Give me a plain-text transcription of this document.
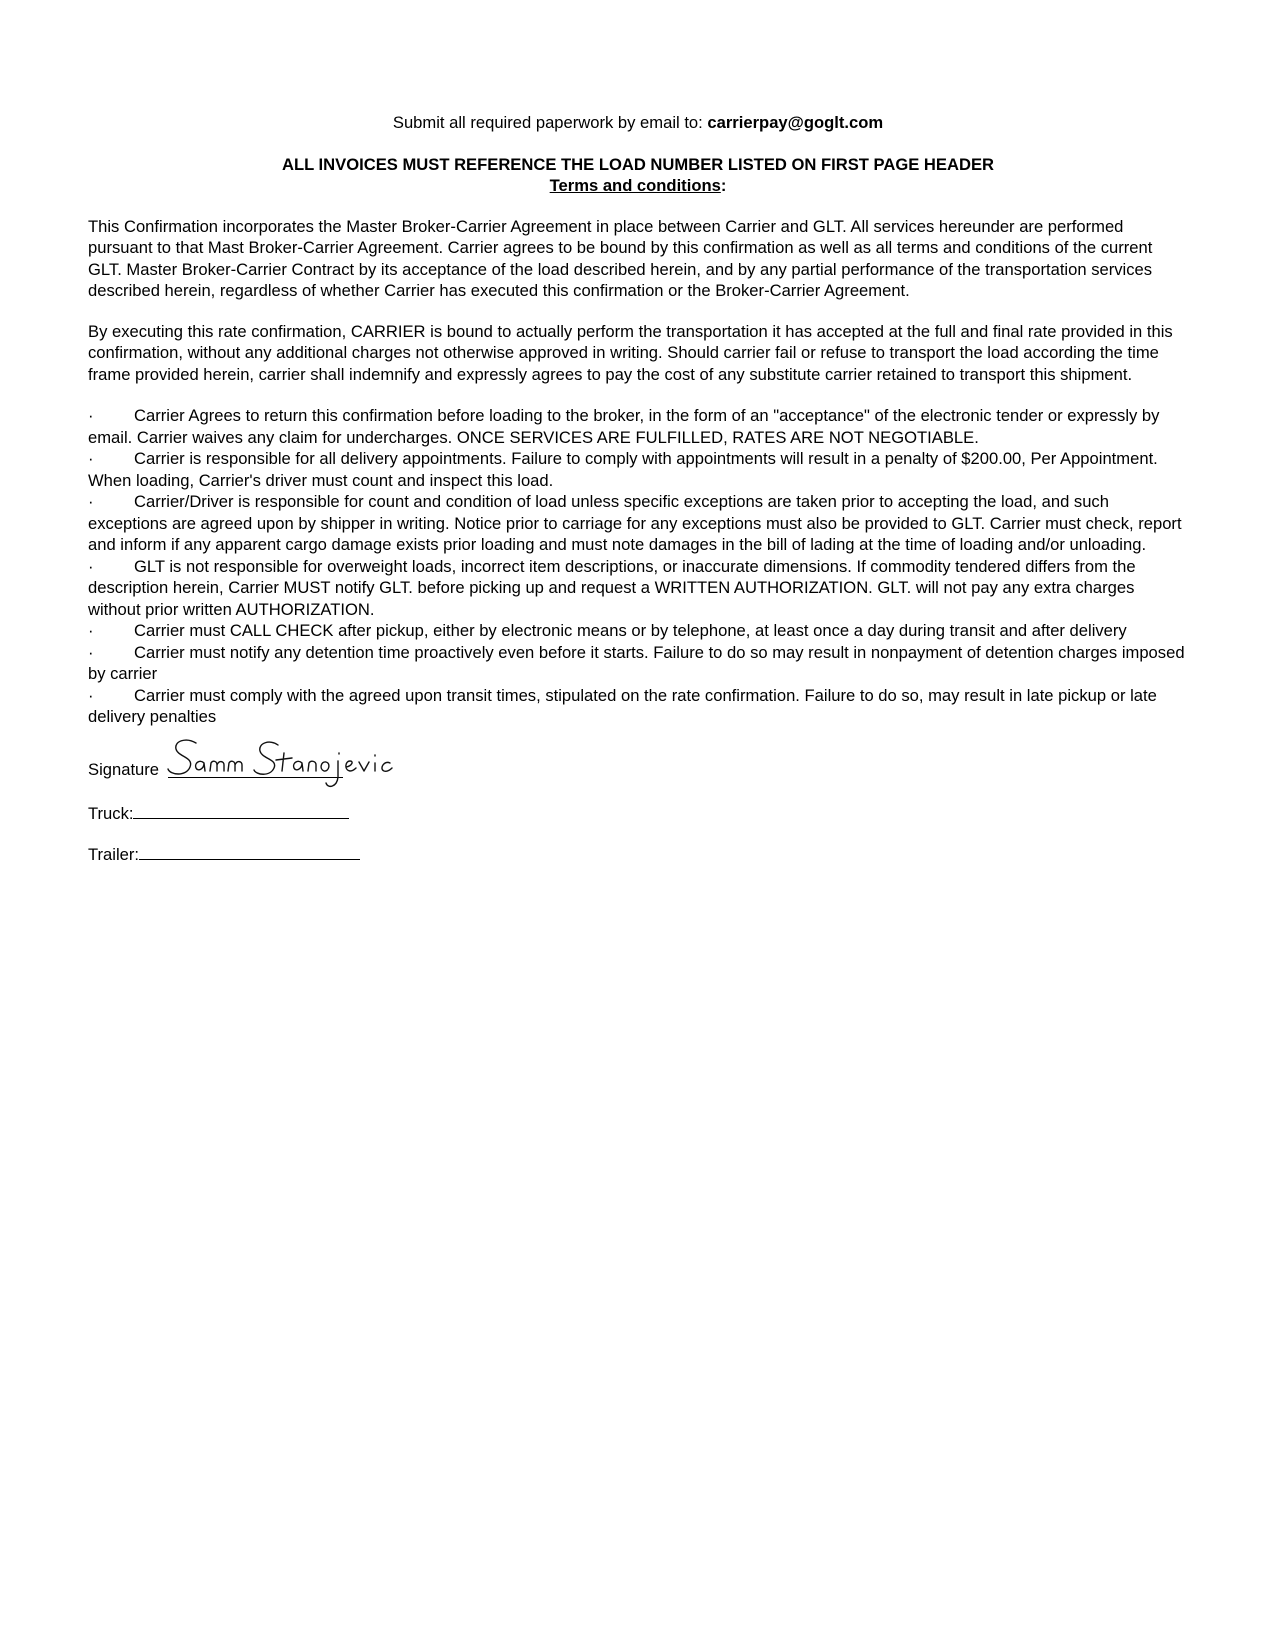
Submit all required paperwork by email to: carrierpay@goglt.com

ALL INVOICES MUST REFERENCE THE LOAD NUMBER LISTED ON FIRST PAGE HEADER

Terms and conditions:

This Confirmation incorporates the Master Broker-Carrier Agreement in place between Carrier and GLT. All services hereunder are performed pursuant to that Mast Broker-Carrier Agreement. Carrier agrees to be bound by this confirmation as well as all terms and conditions of the current GLT. Master Broker-Carrier Contract by its acceptance of the load described herein, and by any partial performance of the transportation services described herein, regardless of whether Carrier has executed this confirmation or the Broker-Carrier Agreement.

By executing this rate confirmation, CARRIER is bound to actually perform the transportation it has accepted at the full and final rate provided in this confirmation, without any additional charges not otherwise approved in writing. Should carrier fail or refuse to transport the load according the time frame provided herein, carrier shall indemnify and expressly agrees to pay the cost of any substitute carrier retained to transport this shipment.

· Carrier Agrees to return this confirmation before loading to the broker, in the form of an "acceptance" of the electronic tender or expressly by email. Carrier waives any claim for undercharges. ONCE SERVICES ARE FULFILLED, RATES ARE NOT NEGOTIABLE.
· Carrier is responsible for all delivery appointments. Failure to comply with appointments will result in a penalty of $200.00, Per Appointment. When loading, Carrier's driver must count and inspect this load.
· Carrier/Driver is responsible for count and condition of load unless specific exceptions are taken prior to accepting the load, and such exceptions are agreed upon by shipper in writing. Notice prior to carriage for any exceptions must also be provided to GLT. Carrier must check, report and inform if any apparent cargo damage exists prior loading and must note damages in the bill of lading at the time of loading and/or unloading.
· GLT is not responsible for overweight loads, incorrect item descriptions, or inaccurate dimensions. If commodity tendered differs from the description herein, Carrier MUST notify GLT. before picking up and request a WRITTEN AUTHORIZATION. GLT. will not pay any extra charges without prior written AUTHORIZATION.
· Carrier must CALL CHECK after pickup, either by electronic means or by telephone, at least once a day during transit and after delivery
· Carrier must notify any detention time proactively even before it starts. Failure to do so may result in nonpayment of detention charges imposed by carrier
· Carrier must comply with the agreed upon transit times, stipulated on the rate confirmation. Failure to do so, may result in late pickup or late delivery penalties
Signature
Truck:
Trailer:
